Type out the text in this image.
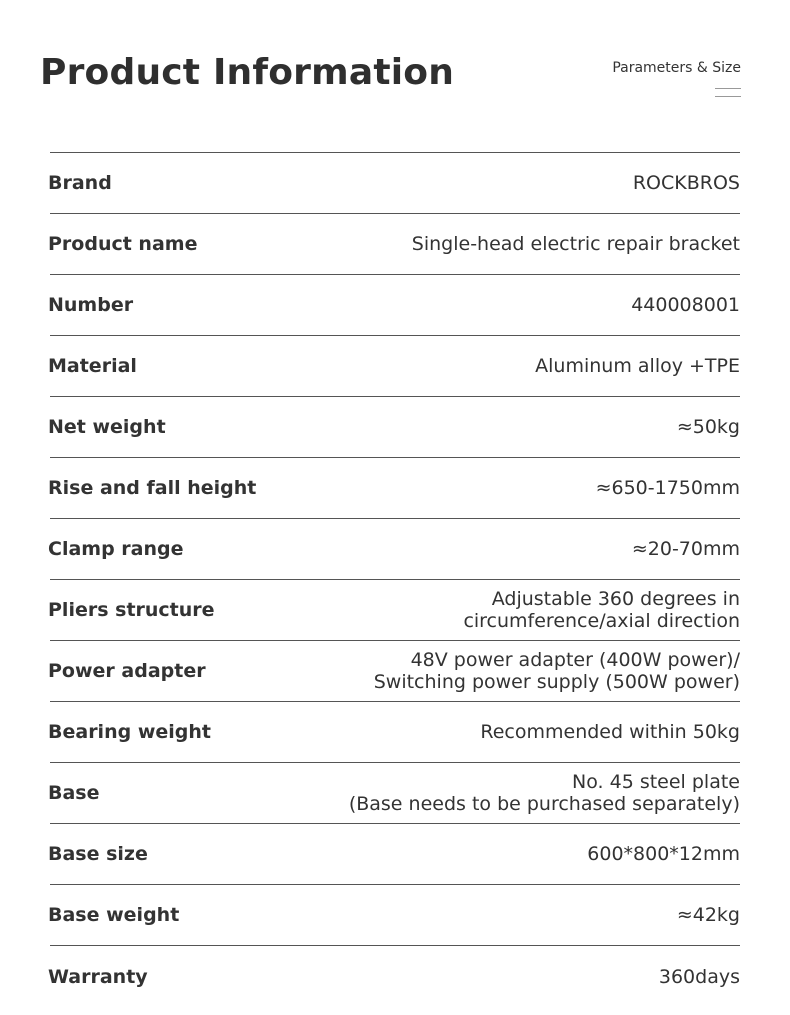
Product Information	Parameters & Size
Brand	ROCKBROS
Product name	Single-head electric repair bracket
Number	440008001
Material	Aluminum alloy +TPE
Net weight	≈50kg
Rise and fall height	≈650-1750mm
Clamp range	≈20-70mm
Pliers structure	Adjustable 360 degrees in
circumference/axial direction
Power adapter	48V power adapter (400W power)/
Switching power supply (500W power)
Bearing weight	Recommended within 50kg
Base	No. 45 steel plate
(Base needs to be purchased separately)
Base size	600*800*12mm
Base weight	≈42kg
Warranty	360days
